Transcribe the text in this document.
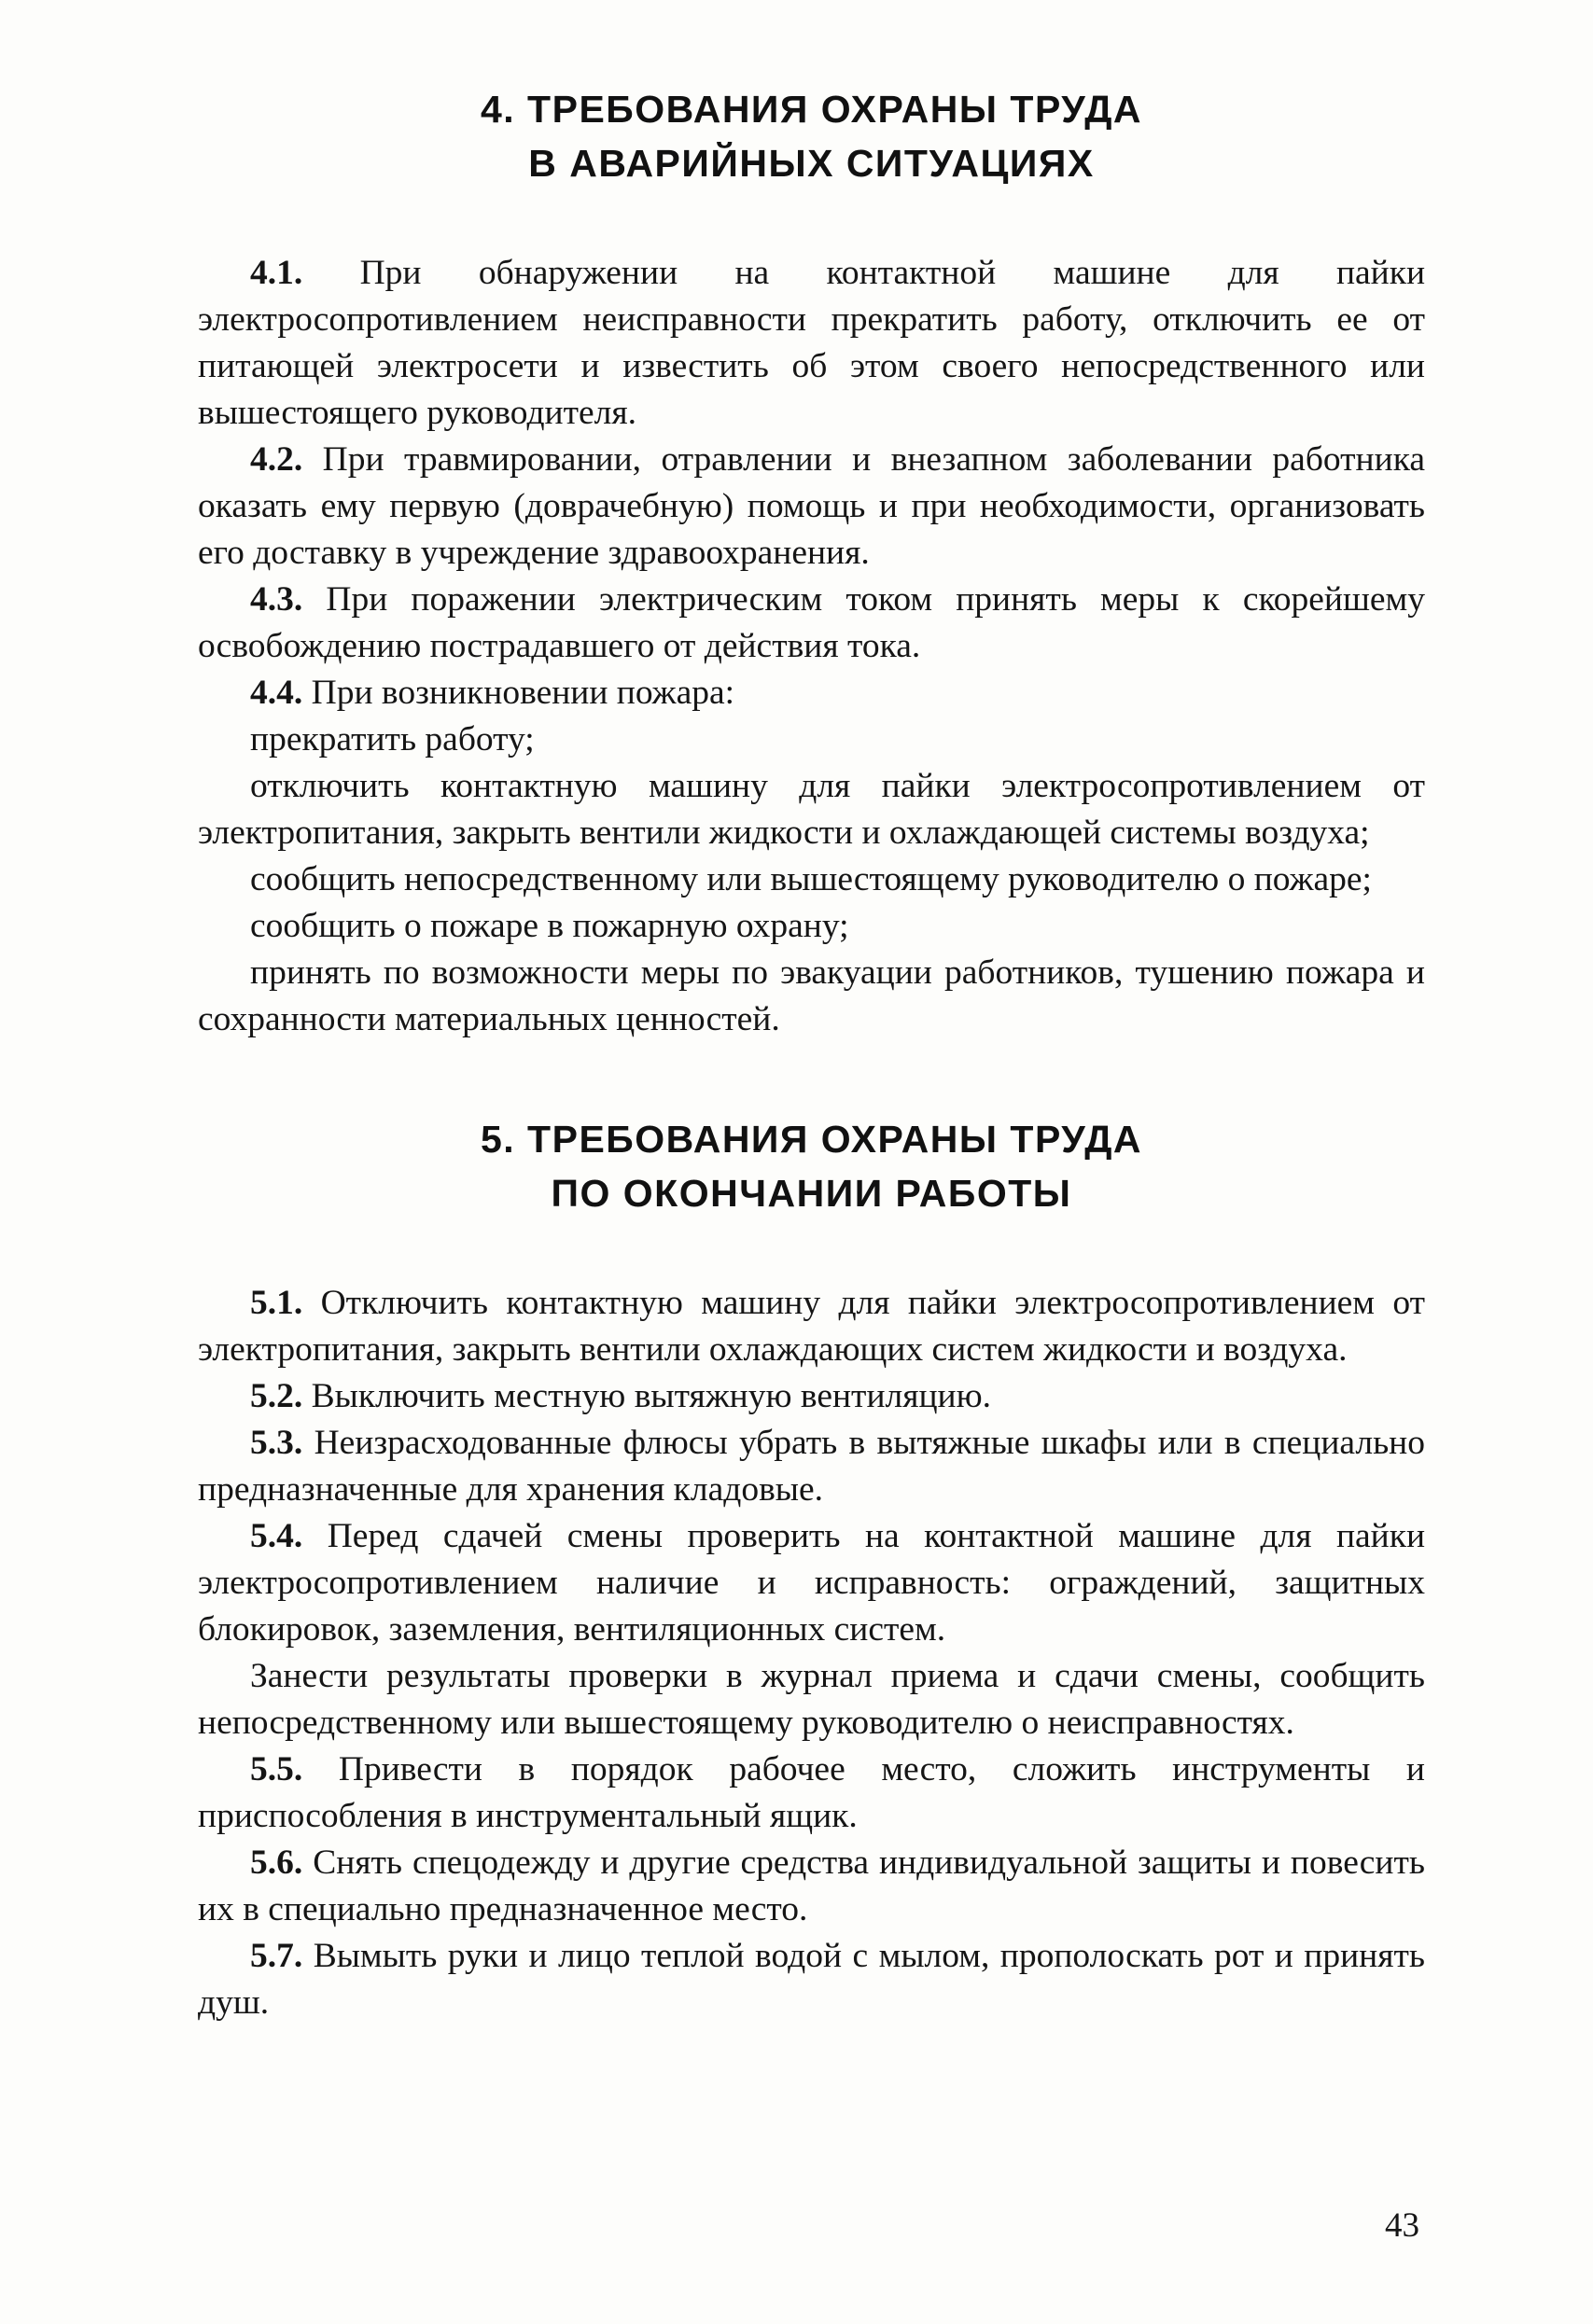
4. ТРЕБОВАНИЯ ОХРАНЫ ТРУДА
В АВАРИЙНЫХ СИТУАЦИЯХ

4.1. При обнаружении на контактной машине для пайки электросопротивлением неисправности прекратить работу, отключить ее от питающей электросети и известить об этом своего непосредственного или вышестоящего руководителя.

4.2. При травмировании, отравлении и внезапном заболевании работника оказать ему первую (доврачебную) помощь и при необходимости, организовать его доставку в учреждение здравоохранения.

4.3. При поражении электрическим током принять меры к скорейшему освобождению пострадавшего от действия тока.

4.4. При возникновении пожара:

прекратить работу;

отключить контактную машину для пайки электросопротивлением от электропитания, закрыть вентили жидкости и охлаждающей системы воздуха;

сообщить непосредственному или вышестоящему руководителю о пожаре;

сообщить о пожаре в пожарную охрану;

принять по возможности меры по эвакуации работников, тушению пожара и сохранности материальных ценностей.

5. ТРЕБОВАНИЯ ОХРАНЫ ТРУДА
ПО ОКОНЧАНИИ РАБОТЫ

5.1. Отключить контактную машину для пайки электросопротивлением от электропитания, закрыть вентили охлаждающих систем жидкости и воздуха.

5.2. Выключить местную вытяжную вентиляцию.

5.3. Неизрасходованные флюсы убрать в вытяжные шкафы или в специально предназначенные для хранения кладовые.

5.4. Перед сдачей смены проверить на контактной машине для пайки электросопротивлением наличие и исправность: ограждений, защитных блокировок, заземления, вентиляционных систем.

Занести результаты проверки в журнал приема и сдачи смены, сообщить непосредственному или вышестоящему руководителю о неисправностях.

5.5. Привести в порядок рабочее место, сложить инструменты и приспособления в инструментальный ящик.

5.6. Снять спецодежду и другие средства индивидуальной защиты и повесить их в специально предназначенное место.

5.7. Вымыть руки и лицо теплой водой с мылом, прополоскать рот и принять душ.

43
